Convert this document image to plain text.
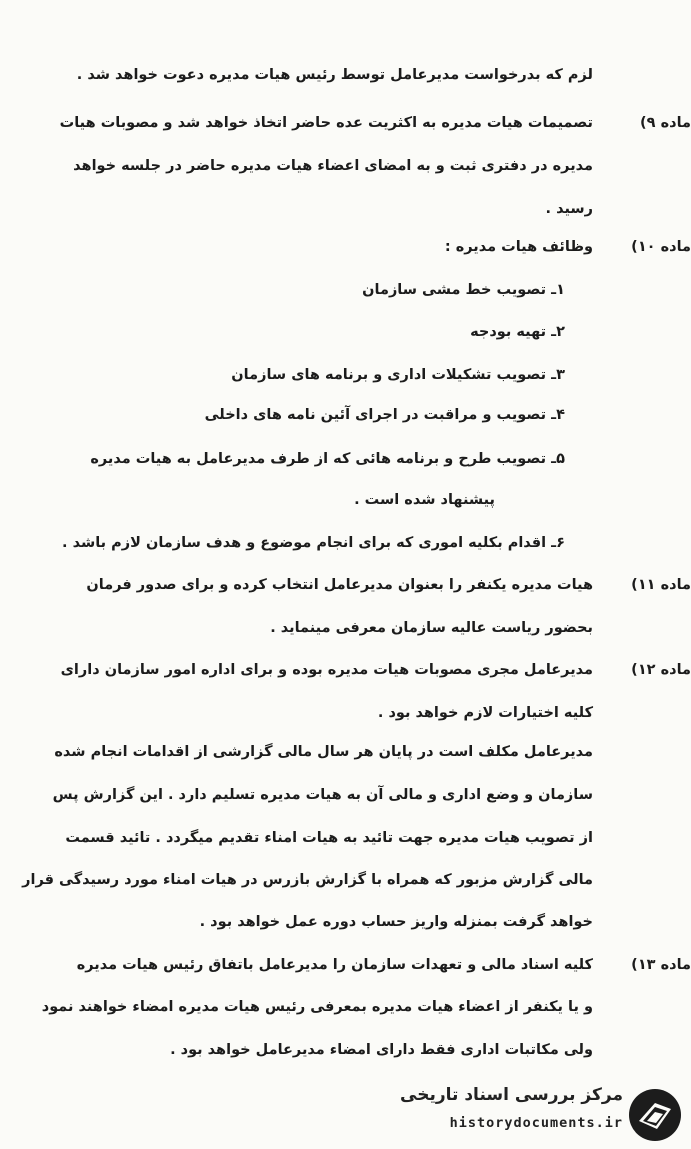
لزم که بدرخواست مدیرعامل توسط رئیس هیات مدیره دعوت خواهد شد .
ماده ۹)
تصمیمات هیات مدیره به اکثریت عده حاضر اتخاذ خواهد شد و مصوبات هیات
مدیره در دفتری ثبت و به امضای اعضاء هیات مدیره حاضر در جلسه خواهد
رسید .
ماده ۱۰)
وظائف هیات مدیره :
۱ـ تصویب خط مشی سازمان
۲ـ تهیه بودجه
۳ـ تصویب تشکیلات اداری و برنامه های سازمان
۴ـ تصویب و مراقبت در اجرای آئین نامه های داخلی
۵ـ تصویب طرح و برنامه هائی که از طرف مدیرعامل به هیات مدیره
پیشنهاد شده است .
۶ـ اقدام بکلیه اموری که برای انجام موضوع و هدف سازمان لازم باشد .
ماده ۱۱)
هیات مدیره یکنفر را بعنوان مدیرعامل انتخاب کرده و برای صدور فرمان
بحضور ریاست عالیه سازمان معرفی مینماید .
ماده ۱۲)
مدیرعامل مجری مصوبات هیات مدیره بوده و برای اداره امور سازمان دارای
کلیه اختیارات لازم خواهد بود .
مدیرعامل مکلف است در پایان هر سال مالی گزارشی از اقدامات انجام شده
سازمان و وضع اداری و مالی آن به هیات مدیره تسلیم دارد . این گزارش پس
از تصویب هیات مدیره جهت تائید به هیات امناء تقدیم میگردد . تائید قسمت
مالی گزارش مزبور که همراه با گزارش بازرس در هیات امناء مورد رسیدگی قرار
خواهد گرفت بمنزله واریز حساب دوره عمل خواهد بود .
ماده ۱۳)
کلیه اسناد مالی و تعهدات سازمان را مدیرعامل باتفاق رئیس هیات مدیره
و یا یکنفر از اعضاء هیات مدیره بمعرفی رئیس هیات مدیره امضاء خواهند نمود
ولی مکاتبات اداری فقط دارای امضاء مدیرعامل خواهد بود .
مرکز بررسی اسناد تاریخی
historydocuments.ir
